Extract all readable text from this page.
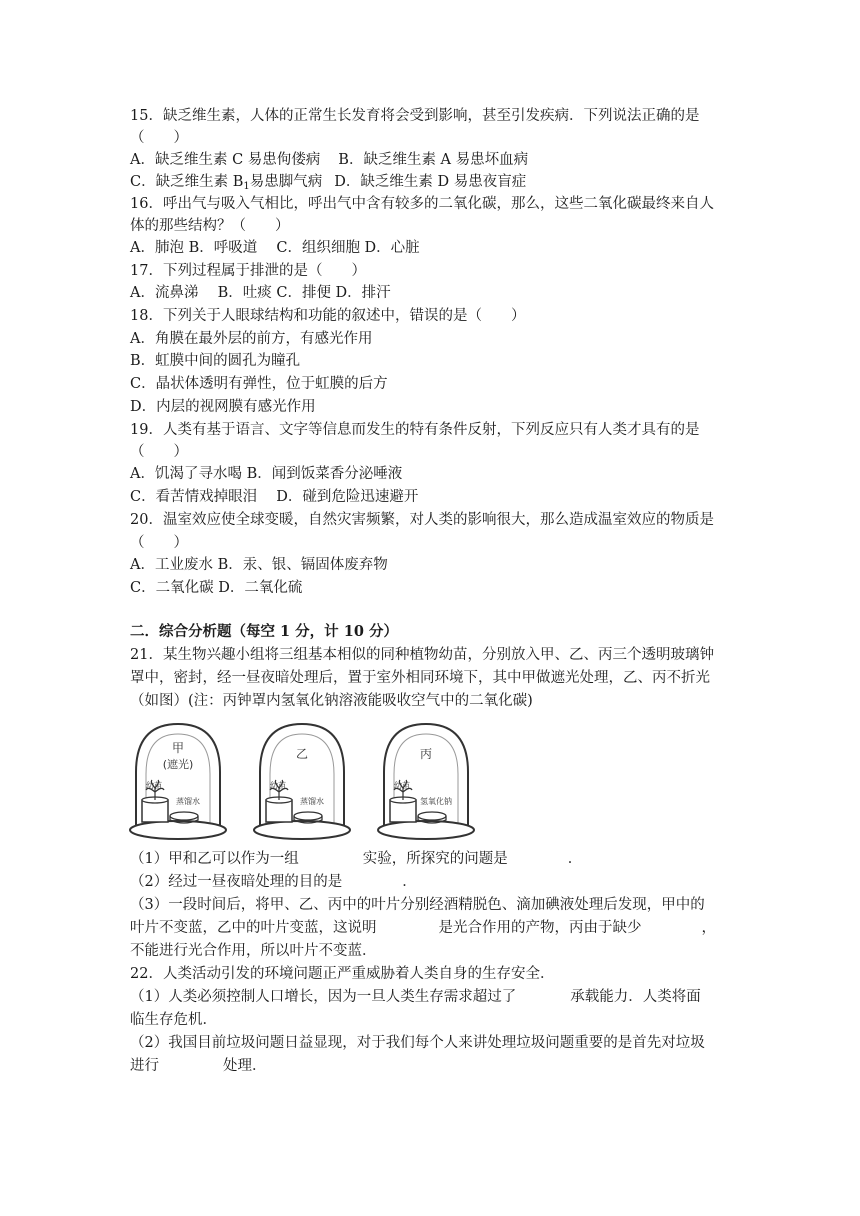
15．缺乏维生素，人体的正常生长发育将会受到影响，甚至引发疾病．下列说法正确的是
（　　）
A．缺乏维生素 C 易患佝偻病 B．缺乏维生素 A 易患坏血病
C．缺乏维生素 $B_1$易患脚气病 D．缺乏维生素 D 易患夜盲症
16．呼出气与吸入气相比，呼出气中含有较多的二氧化碳，那么，这些二氧化碳最终来自人
体的那些结构？（　　）
A．肺泡 B．呼吸道　 C．组织细胞 D．心脏
17．下列过程属于排泄的是（　　）
A．流鼻涕　 B．吐痰 C．排便 D．排汗
18．下列关于人眼球结构和功能的叙述中，错误的是（　　）
A．角膜在最外层的前方，有感光作用
B．虹膜中间的圆孔为瞳孔
C．晶状体透明有弹性，位于虹膜的后方
D．内层的视网膜有感光作用
19．人类有基于语言、文字等信息而发生的特有条件反射，下列反应只有人类才具有的是
（　　）
A．饥渴了寻水喝 B．闻到饭菜香分泌唾液
C．看苦情戏掉眼泪　 D．碰到危险迅速避开
20．温室效应使全球变暖，自然灾害频繁，对人类的影响很大，那么造成温室效应的物质是
（　　）
A．工业废水 B．汞、银、镉固体废弃物
C．二氧化碳 D．二氧化硫
二．综合分析题（每空 1 分，计 10 分）
21．某生物兴趣小组将三组基本相似的同种植物幼苗，分别放入甲、乙、丙三个透明玻璃钟
罩中，密封，经一昼夜暗处理后，置于室外相同环境下，其中甲做遮光处理，乙、丙不折光
（如图）(注：丙钟罩内氢氧化钠溶液能吸收空气中的二氧化碳)
甲
(遮光)
幼苗
蒸馏水
乙
幼苗
蒸馏水
丙
幼苗
氢氧化钠
（1）甲和乙可以作为一组	实验，所探究的问题是	．
（2）经过一昼夜暗处理的目的是	．
（3）一段时间后，将甲、乙、丙中的叶片分别经酒精脱色、滴加碘液处理后发现，甲中的
叶片不变蓝，乙中的叶片变蓝，这说明	是光合作用的产物，丙由于缺少	，
不能进行光合作用，所以叶片不变蓝．
22．人类活动引发的环境问题正严重威胁着人类自身的生存安全．
（1）人类必须控制人口增长，因为一旦人类生存需求超过了	承载能力．人类将面
临生存危机．
（2）我国目前垃圾问题日益显现，对于我们每个人来讲处理垃圾问题重要的是首先对垃圾
进行	处理．
